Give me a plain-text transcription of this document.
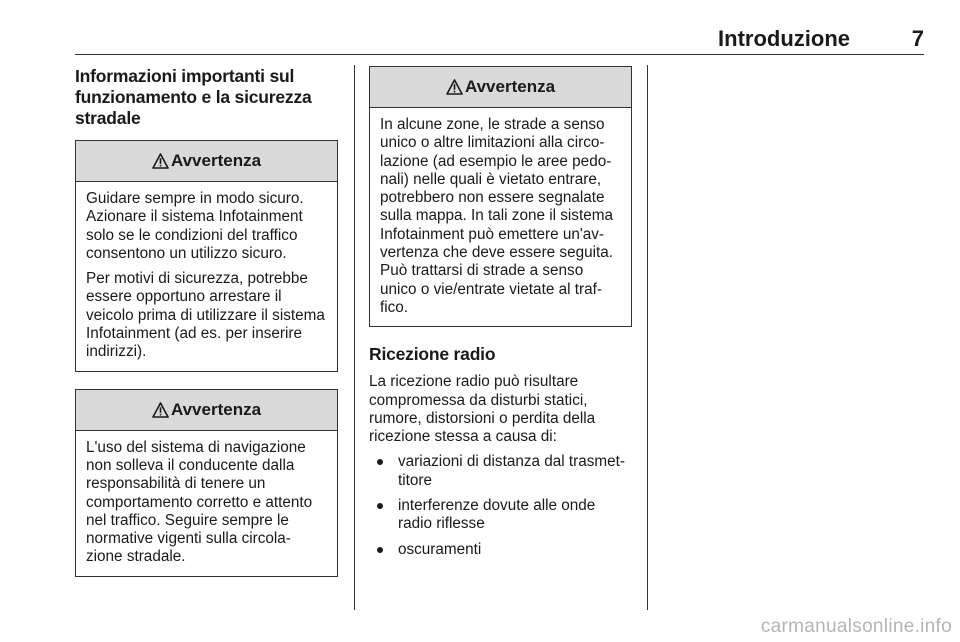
Introduzione	7
Informazioni importanti sul funzionamento e la sicurezza stradale
Avvertenza

Guidare sempre in modo sicuro. Azionare il sistema Infotainment solo se le condizioni del traffico consentono un utilizzo sicuro.

Per motivi di sicurezza, potrebbe essere opportuno arrestare il veicolo prima di utilizzare il sistema Infotainment (ad es. per inserire indirizzi).

Avvertenza

L'uso del sistema di navigazione non solleva il conducente dalla responsabilità di tenere un comportamento corretto e attento nel traffico. Seguire sempre le normative vigenti sulla circola- zione stradale.

Avvertenza

In alcune zone, le strade a senso unico o altre limitazioni alla circo- lazione (ad esempio le aree pedo- nali) nelle quali è vietato entrare, potrebbero non essere segnalate sulla mappa. In tali zone il sistema Infotainment può emettere un'av- vertenza che deve essere seguita. Può trattarsi di strade a senso unico o vie/entrate vietate al traf- fico.

Ricezione radio

La ricezione radio può risultare compromessa da disturbi statici, rumore, distorsioni o perdita della ricezione stessa a causa di:

variazioni di distanza dal trasmet- titore
interferenze dovute alle onde radio riflesse
oscuramenti
carmanualsonline.info
